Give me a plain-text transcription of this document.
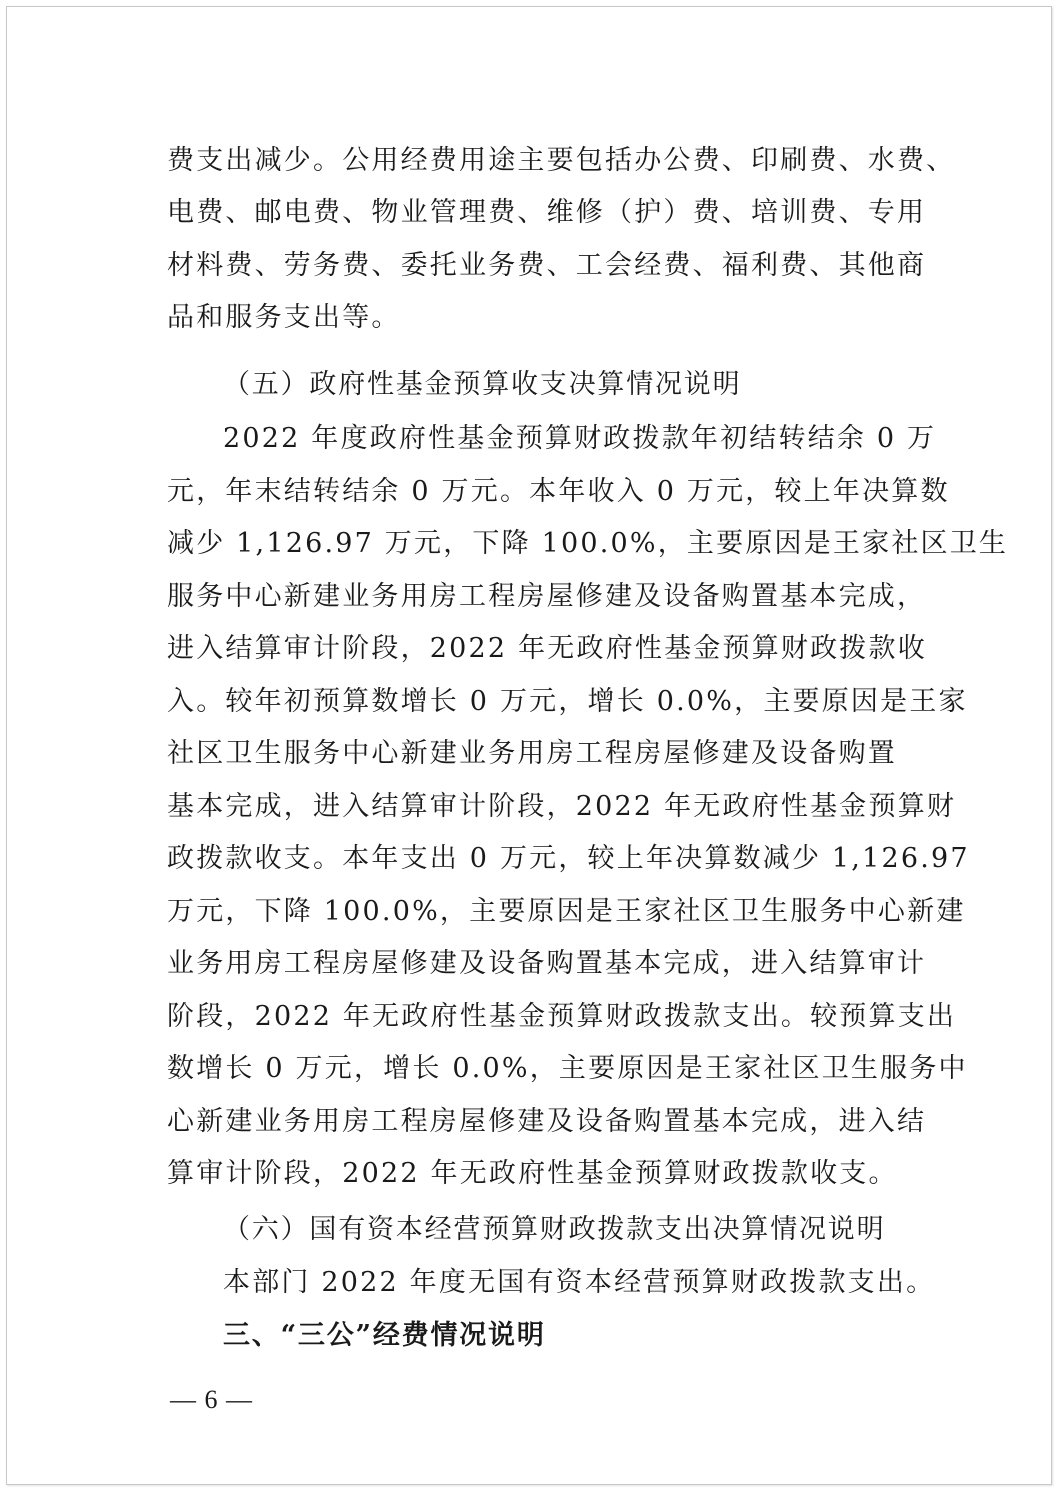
费支出减少。公用经费用途主要包括办公费、印刷费、水费、
电费、邮电费、物业管理费、维修（护）费、培训费、专用
材料费、劳务费、委托业务费、工会经费、福利费、其他商
品和服务支出等。
（五）政府性基金预算收支决算情况说明
2022 年度政府性基金预算财政拨款年初结转结余 0 万
元，年末结转结余 0 万元。本年收入 0 万元，较上年决算数
减少 1,126.97 万元，下降 100.0%，主要原因是王家社区卫生
服务中心新建业务用房工程房屋修建及设备购置基本完成，
进入结算审计阶段，2022 年无政府性基金预算财政拨款收
入。较年初预算数增长 0 万元，增长 0.0%，主要原因是王家
社区卫生服务中心新建业务用房工程房屋修建及设备购置
基本完成，进入结算审计阶段，2022 年无政府性基金预算财
政拨款收支。本年支出 0 万元，较上年决算数减少 1,126.97
万元，下降 100.0%，主要原因是王家社区卫生服务中心新建
业务用房工程房屋修建及设备购置基本完成，进入结算审计
阶段，2022 年无政府性基金预算财政拨款支出。较预算支出
数增长 0 万元，增长 0.0%，主要原因是王家社区卫生服务中
心新建业务用房工程房屋修建及设备购置基本完成，进入结
算审计阶段，2022 年无政府性基金预算财政拨款收支。
（六）国有资本经营预算财政拨款支出决算情况说明
本部门 2022 年度无国有资本经营预算财政拨款支出。
三、“三公”经费情况说明
— 6 —
